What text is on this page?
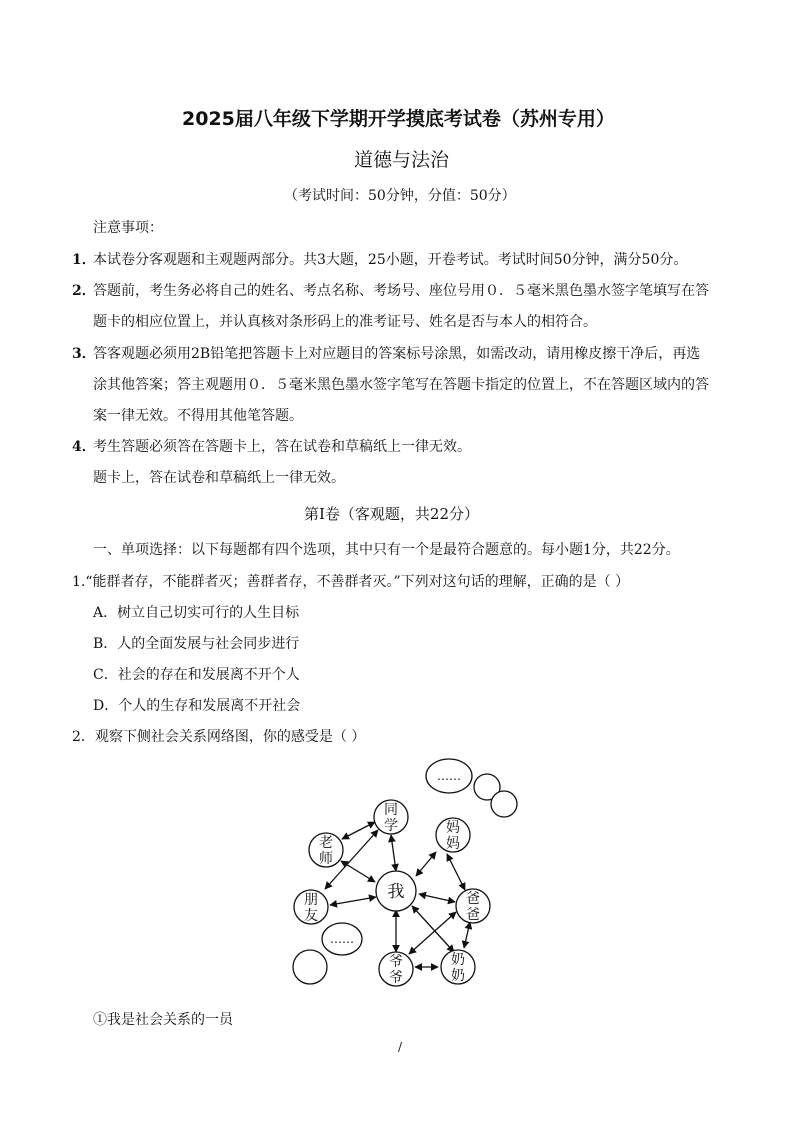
2025届八年级下学期开学摸底考试卷（苏州专用）
道德与法治
（考试时间：50分钟，分值：50分）
注意事项：
1．
本试卷分客观题和主观题两部分。共3大题，25小题，开卷考试。考试时间50分钟，满分50分。
2．
答题前，考生务必将自己的姓名、考点名称、考场号、座位号用０．５毫米黑色墨水签字笔填写在答
题卡的相应位置上，并认真核对条形码上的准考证号、姓名是否与本人的相符合。
3．
答客观题必须用2B铅笔把答题卡上对应题目的答案标号涂黑，如需改动，请用橡皮擦干净后，再选
涂其他答案；答主观题用０．５毫米黑色墨水签字笔写在答题卡指定的位置上，不在答题区域内的答
案一律无效。不得用其他笔答题。
4．
考生答题必须答在答题卡上，答在试卷和草稿纸上一律无效。
题卡上，答在试卷和草稿纸上一律无效。
第Ⅰ卷（客观题，共22分）
一、单项选择：以下每题都有四个选项，其中只有一个是最符合题意的。每小题1分，共22分。
1.“能群者存，不能群者灭；善群者存，不善群者灭。”下列对这句话的理解，正确的是（ ）
A．树立自己切实可行的人生目标
B．人的全面发展与社会同步进行
C．社会的存在和发展离不开个人
D．个人的生存和发展离不开社会
2．观察下侧社会关系网络图，你的感受是（ ）
我
同
学
老
师
朋
友
妈
妈
爸
爸
爷
爷
奶
奶
……
……
①我是社会关系的一员
/
